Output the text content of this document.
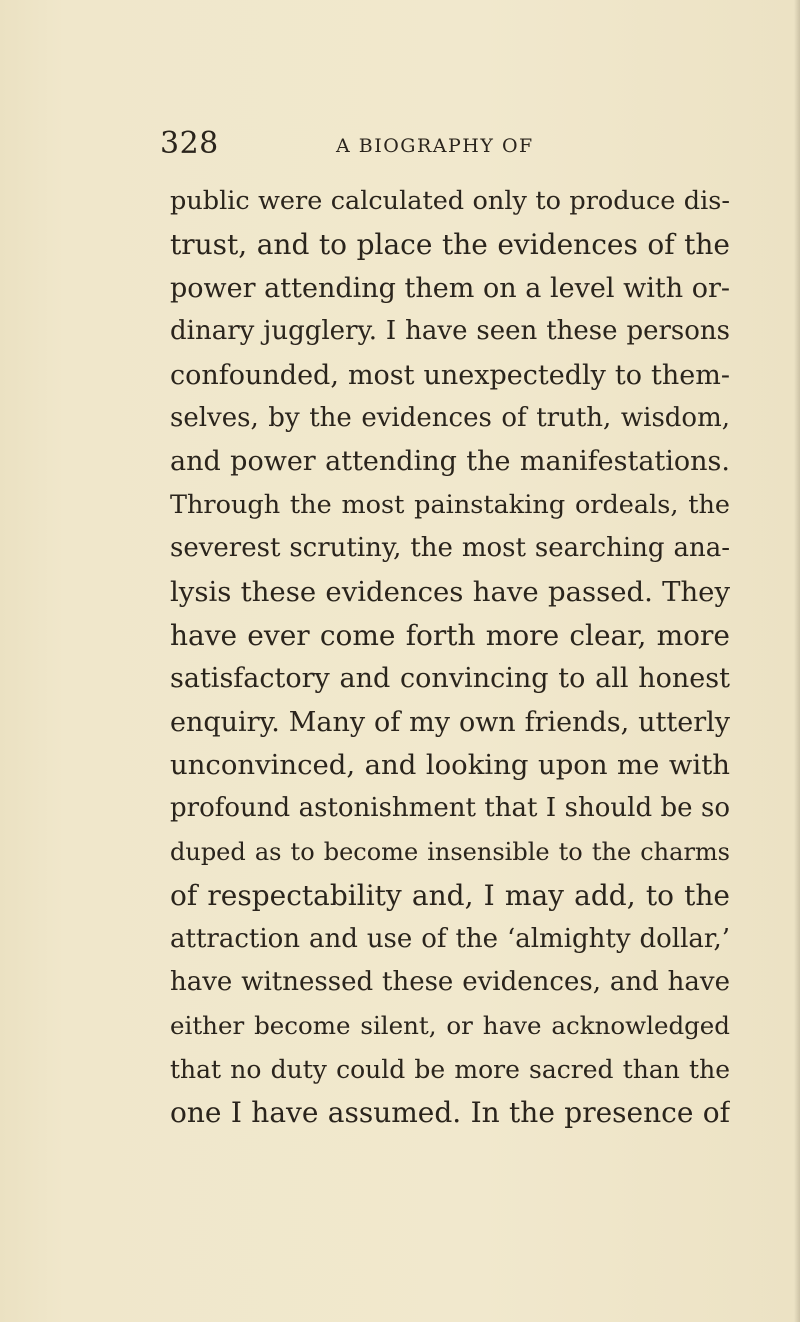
328	A BIOGRAPHY OF
public were calculated only to produce dis-
trust, and to place the evidences of the
power attending them on a level with or-
dinary jugglery. I have seen these persons
confounded, most unexpectedly to them-
selves, by the evidences of truth, wisdom,
and power attending the manifestations.
Through the most painstaking ordeals, the
severest scrutiny, the most searching ana-
lysis these evidences have passed. They
have ever come forth more clear, more
satisfactory and convincing to all honest
enquiry. Many of my own friends, utterly
unconvinced, and looking upon me with
profound astonishment that I should be so
duped as to become insensible to the charms
of respectability and, I may add, to the
attraction and use of the ‘almighty dollar,’
have witnessed these evidences, and have
either become silent, or have acknowledged
that no duty could be more sacred than the
one I have assumed. In the presence of
